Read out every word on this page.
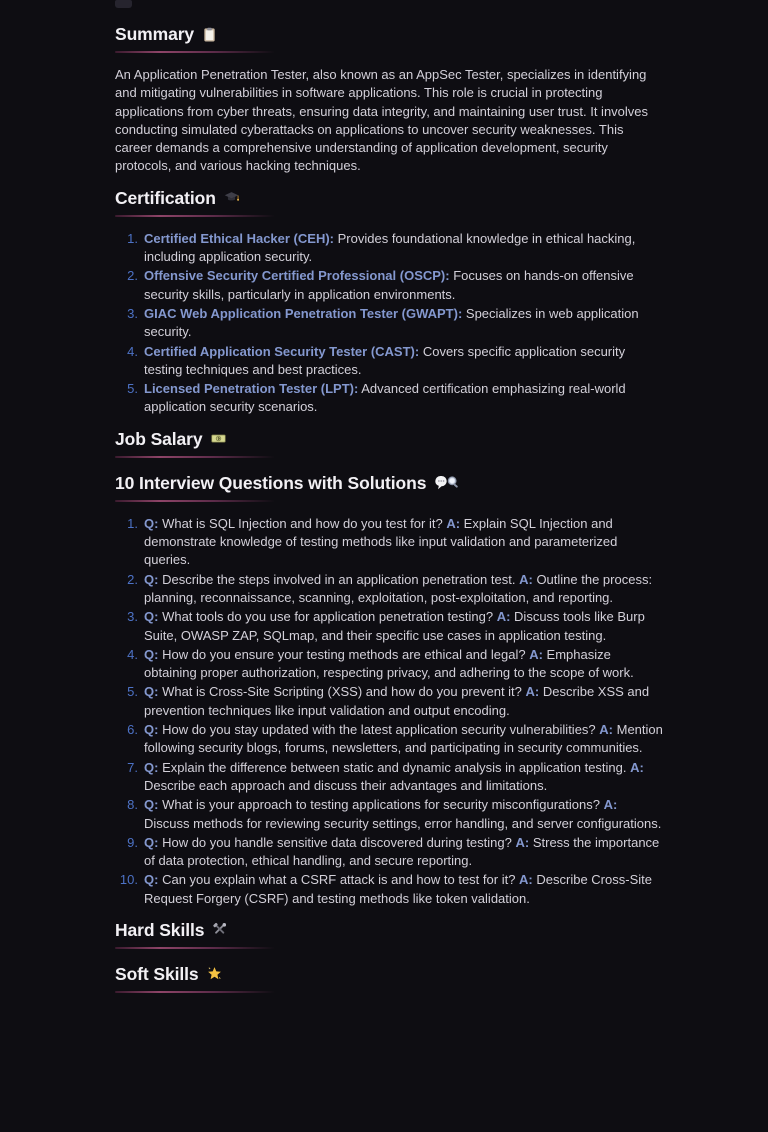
Summary

An Application Penetration Tester, also known as an AppSec Tester, specializes in identifying and mitigating vulnerabilities in software applications. This role is crucial in protecting applications from cyber threats, ensuring data integrity, and maintaining user trust. It involves conducting simulated cyberattacks on applications to uncover security weaknesses. This career demands a comprehensive understanding of application development, security protocols, and various hacking techniques.

Certification
1. Certified Ethical Hacker (CEH): Provides foundational knowledge in ethical hacking, including application security.
2. Offensive Security Certified Professional (OSCP): Focuses on hands-on offensive security skills, particularly in application environments.
3. GIAC Web Application Penetration Tester (GWAPT): Specializes in web application security.
4. Certified Application Security Tester (CAST): Covers specific application security testing techniques and best practices.
5. Licensed Penetration Tester (LPT): Advanced certification emphasizing real-world application security scenarios.
Job Salary
10 Interview Questions with Solutions
1. Q: What is SQL Injection and how do you test for it? A: Explain SQL Injection and demonstrate knowledge of testing methods like input validation and parameterized queries.
2. Q: Describe the steps involved in an application penetration test. A: Outline the process: planning, reconnaissance, scanning, exploitation, post-exploitation, and reporting.
3. Q: What tools do you use for application penetration testing? A: Discuss tools like Burp Suite, OWASP ZAP, SQLmap, and their specific use cases in application testing.
4. Q: How do you ensure your testing methods are ethical and legal? A: Emphasize obtaining proper authorization, respecting privacy, and adhering to the scope of work.
5. Q: What is Cross-Site Scripting (XSS) and how do you prevent it? A: Describe XSS and prevention techniques like input validation and output encoding.
6. Q: How do you stay updated with the latest application security vulnerabilities? A: Mention following security blogs, forums, newsletters, and participating in security communities.
7. Q: Explain the difference between static and dynamic analysis in application testing. A: Describe each approach and discuss their advantages and limitations.
8. Q: What is your approach to testing applications for security misconfigurations? A: Discuss methods for reviewing security settings, error handling, and server configurations.
9. Q: How do you handle sensitive data discovered during testing? A: Stress the importance of data protection, ethical handling, and secure reporting.
10. Q: Can you explain what a CSRF attack is and how to test for it? A: Describe Cross-Site Request Forgery (CSRF) and testing methods like token validation.
Hard Skills
Soft Skills
